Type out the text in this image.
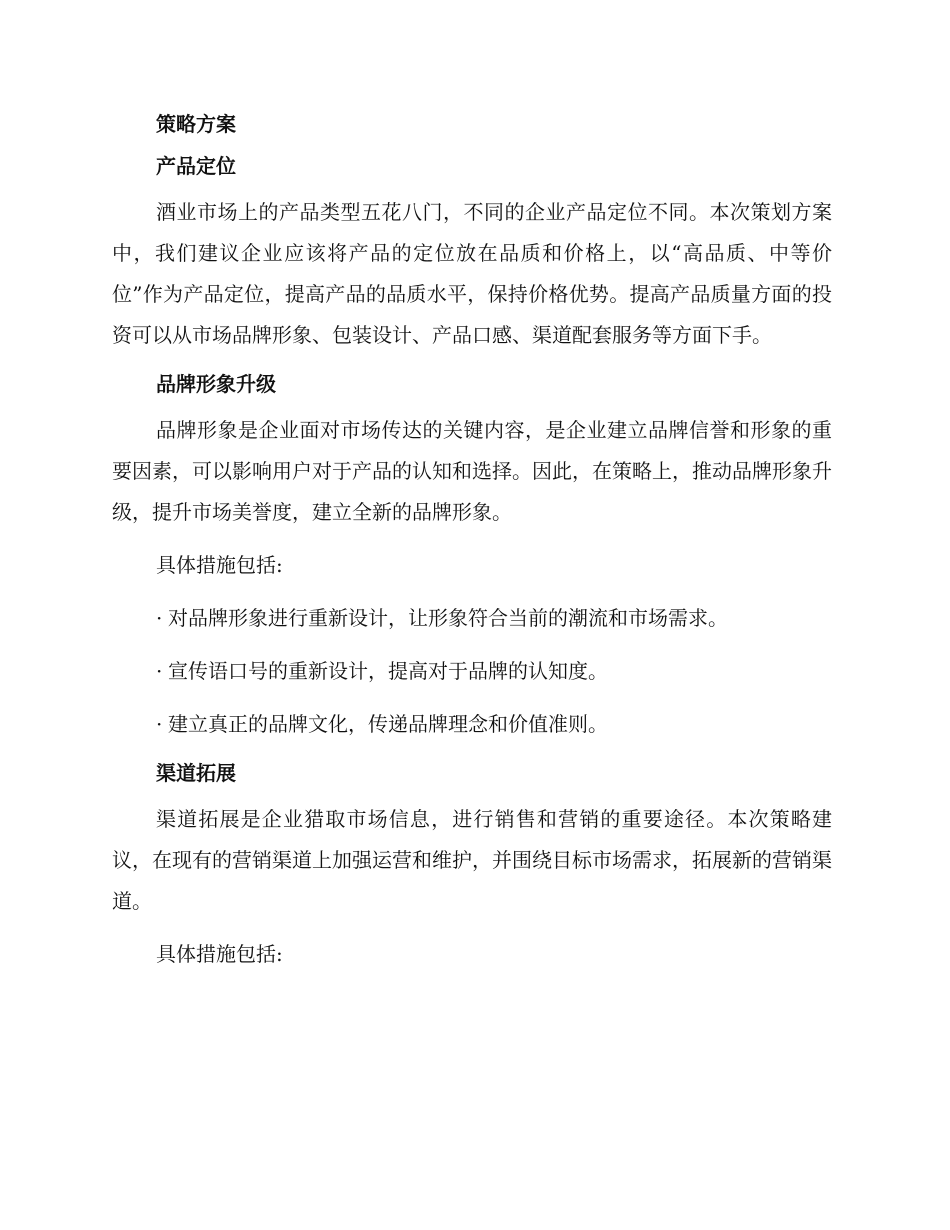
策略方案
产品定位

酒业市场上的产品类型五花八门，不同的企业产品定位不同。本次策划方案中，我们建议企业应该将产品的定位放在品质和价格上，以“高品质、中等价位”作为产品定位，提高产品的品质水平，保持价格优势。提高产品质量方面的投资可以从市场品牌形象、包装设计、产品口感、渠道配套服务等方面下手。

品牌形象升级

品牌形象是企业面对市场传达的关键内容，是企业建立品牌信誉和形象的重要因素，可以影响用户对于产品的认知和选择。因此，在策略上，推动品牌形象升级，提升市场美誉度，建立全新的品牌形象。

具体措施包括:

· 对品牌形象进行重新设计，让形象符合当前的潮流和市场需求。
· 宣传语口号的重新设计，提高对于品牌的认知度。
· 建立真正的品牌文化，传递品牌理念和价值准则。
渠道拓展

渠道拓展是企业猎取市场信息，进行销售和营销的重要途径。本次策略建议，在现有的营销渠道上加强运营和维护，并围绕目标市场需求，拓展新的营销渠道。

具体措施包括:
